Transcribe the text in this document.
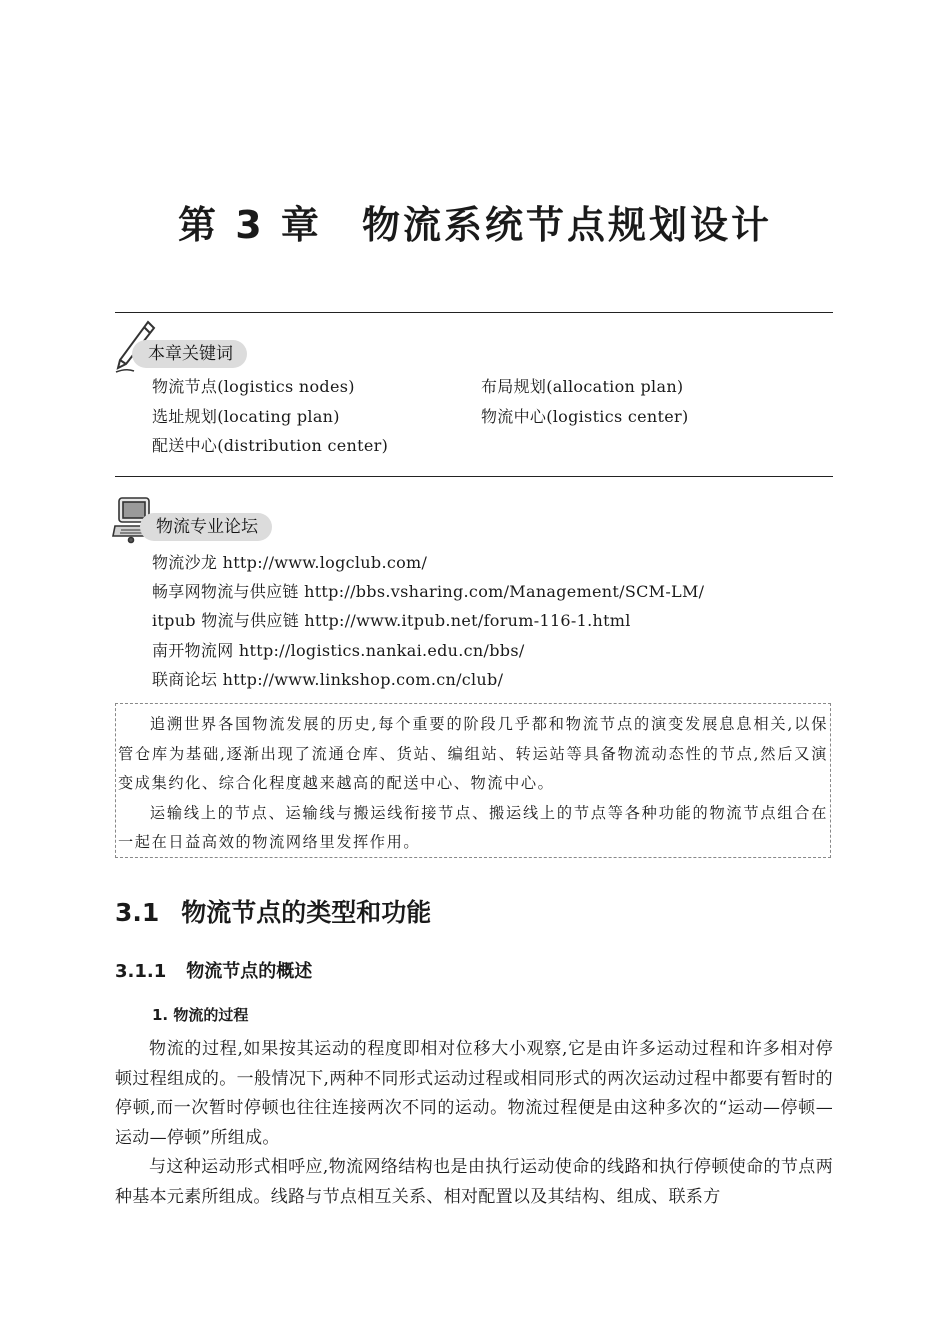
第 3 章 物流系统节点规划设计
本章关键词
物流节点(logistics nodes)	布局规划(allocation plan)
选址规划(locating plan)	物流中心(logistics center)
配送中心(distribution center)
物流专业论坛
物流沙龙 http://www.logclub.com/
畅享网物流与供应链 http://bbs.vsharing.com/Management/SCM-LM/
itpub 物流与供应链 http://www.itpub.net/forum-116-1.html
南开物流网 http://logistics.nankai.edu.cn/bbs/
联商论坛 http://www.linkshop.com.cn/club/

追溯世界各国物流发展的历史,每个重要的阶段几乎都和物流节点的演变发展息息相关,以保管仓库为基础,逐渐出现了流通仓库、货站、编组站、转运站等具备物流动态性的节点,然后又演变成集约化、综合化程度越来越高的配送中心、物流中心。

运输线上的节点、运输线与搬运线衔接节点、搬运线上的节点等各种功能的物流节点组合在一起在日益高效的物流网络里发挥作用。

3.1 物流节点的类型和功能
3.1.1 物流节点的概述
1. 物流的过程

物流的过程,如果按其运动的程度即相对位移大小观察,它是由许多运动过程和许多相对停顿过程组成的。一般情况下,两种不同形式运动过程或相同形式的两次运动过程中都要有暂时的停顿,而一次暂时停顿也往往连接两次不同的运动。物流过程便是由这种多次的“运动—停顿—运动—停顿”所组成。

与这种运动形式相呼应,物流网络结构也是由执行运动使命的线路和执行停顿使命的节点两种基本元素所组成。线路与节点相互关系、相对配置以及其结构、组成、联系方
